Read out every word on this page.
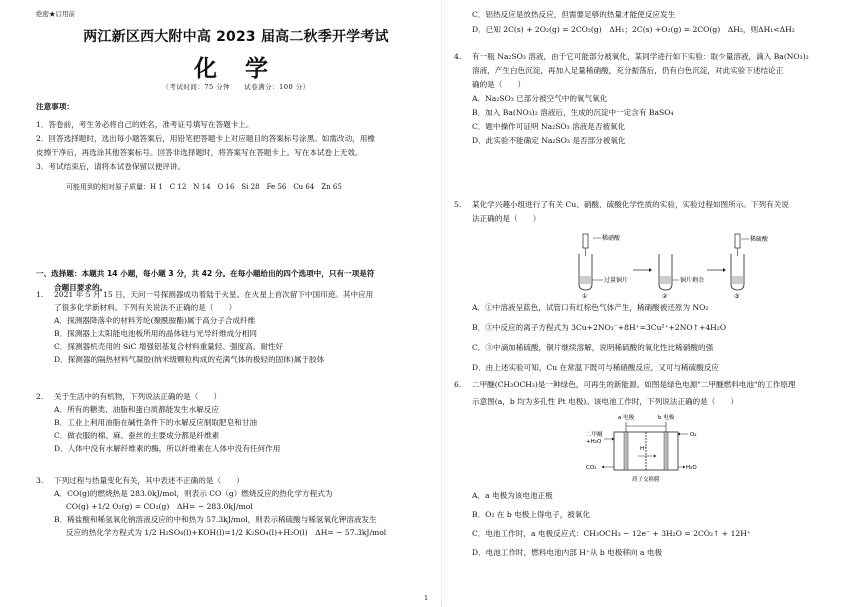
绝密★启用前
两江新区西大附中高 2023 届高二秋季开学考试
化 学
（考试时间：75 分钟　　试卷满分：100 分）
注意事项：
1．答卷前，考生务必将自己的姓名，准考证号填写在答题卡上。
2．回答选择题时，选出每小题答案后，用铅笔把答题卡上对应题目的答案标号涂黑。如需改动，用橡
皮擦干净后，再选涂其他答案标号。回答非选择题时，将答案写在答题卡上。写在本试卷上无效。
3．考试结束后，请将本试卷保留以便评讲。
可能用到的相对原子质量：H 1　C 12　N 14　O 16　Si 28　Fe 56　Cu 64　Zn 65
一、选择题：本题共 14 小题，每小题 3 分，共 42 分。在每小题给出的四个选项中，只有一项是符
合题目要求的。
1.	2021 年 5 月 15 日，天问一号探测器成功着陆于火星。在火星上首次留下中国印迹。其中应用
了很多化学新材料。下列有关说法不正确的是（　　）
A．探测器降落伞的材料芳纶(聚酰胺酯)属于高分子合成纤维
B．探测器上太阳能电池板所用的晶体硅与光导纤维成分相同
C．探测器机壳用的 SiC 增强铝基复合材料重量轻、强度高、耐性好
D．探测器的隔热材料气凝胶(纳米级颗粒构成的充满气体的极轻的固体)属于胶体
2.	关于生活中的有机物，下列说法正确的是（　　）
A．所有的糖类、油脂和蛋白质都能发生水解反应
B．工业上利用油脂在碱性条件下的水解反应制取肥皂和甘油
C．做衣服的棉、麻、蚕丝的主要成分都是纤维素
D．人体中没有水解纤维素的酶，所以纤维素在人体中没有任何作用
3.	下列过程与热量变化有关，其中表述不正确的是（　　）
A．CO(g)的燃烧热是 283.0kJ/mol，则表示 CO（g）燃烧反应的热化学方程式为
CO(g) +1/2 O₂(g) = CO₂(g)　ΔH= − 283.0kJ/mol
B．稀盐酸和稀氢氧化钠溶液反应的中和热为 57.3kJ/mol，则表示稀硫酸与稀氢氧化钾溶液发生
反应的热化学方程式为 1/2 H₂SO₄(l)+KOH(l)=1/2 K₂SO₄(l)+H₂O(l)　ΔH= − 57.3kJ/mol
C．铝热反应是放热反应，但需要足够的热量才能使反应发生
D．已知 2C(s) + 2O₂(g) = 2CO₂(g)　ΔH₁；2C(s) +O₂(g) = 2CO(g)　ΔH₂，则ΔH₁<ΔH₂
4.	有一瓶 Na₂SO₃ 溶液，由于它可能部分被氧化，某同学进行如下实验：取少量溶液，滴入 Ba(NO₃)₂
溶液，产生白色沉淀，再加入足量稀硝酸，充分振荡后，仍有白色沉淀，对此实验下述结论正
确的是（　　）
A．Na₂SO₃ 已部分被空气中的氧气氧化
B．加入 Ba(NO₃)₂ 溶液后，生成的沉淀中一定含有 BaSO₄
C．题中操作可证明 Na₂SO₃ 溶液是否被氧化
D．此实验不能确定 Na₂SO₃ 是否部分被氧化
5.	某化学兴趣小组进行了有关 Cu、硝酸、硫酸化学性质的实验，实验过程如图所示。下列有关说
法正确的是（　　）
稀硝酸
过量铜片
①
铜片剩余
②
稀硫酸
③
A．①中溶液呈蓝色，试管口有红棕色气体产生，稀硝酸被还原为 NO₂
B．③中反应的离子方程式为 3Cu+2NO₃⁻+8H⁺=3Cu²⁺+2NO↑+4H₂O
C．③中滴加稀硫酸，铜片继续溶解，说明稀硫酸的氧化性比稀硝酸的强
D．由上述实验可知，Cu 在常温下既可与稀硝酸反应，又可与稀硫酸反应
6.	二甲醚(CH₃OCH₃)是一种绿色，可再生的新能源。如图是绿色电源"二甲醚燃料电池"的工作原理
示意图(a，b 均为多孔性 Pt 电极)。该电池工作时，下列说法正确的是（　　）
a 电极	b 电极
H⁺
二甲醚
+H₂O
O₂
CO₂	H₂O
质子交换膜
A．a 电极为该电池正极
B．O₂ 在 b 电极上得电子，被氧化
C．电池工作时，a 电极反应式：CH₃OCH₃ − 12e⁻ + 3H₂O = 2CO₂↑ + 12H⁺
D．电池工作时，燃料电池内部 H⁺从 b 电极移向 a 电极
1
